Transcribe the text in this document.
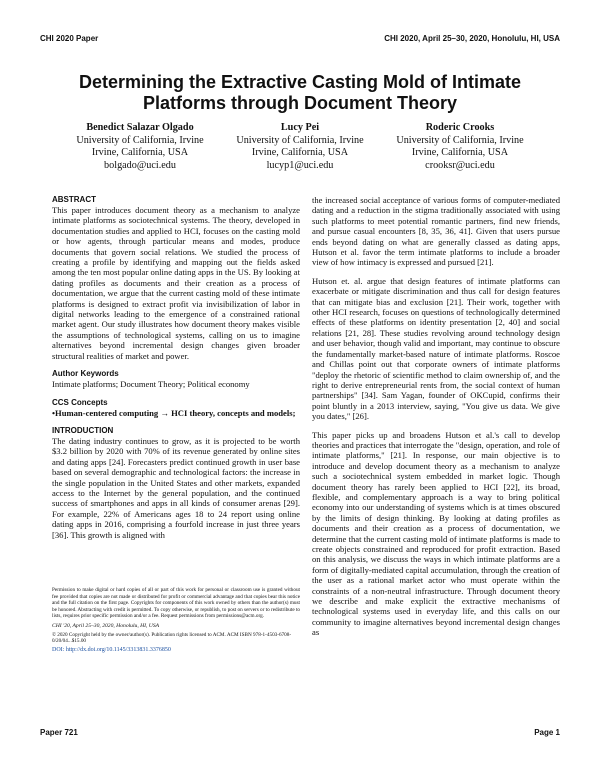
CHI 2020 Paper	CHI 2020, April 25–30, 2020, Honolulu, HI, USA
Determining the Extractive Casting Mold of Intimate Platforms through Document Theory
Benedict Salazar Olgado
University of California, Irvine
Irvine, California, USA
bolgado@uci.edu
Lucy Pei
University of California, Irvine
Irvine, California, USA
lucyp1@uci.edu
Roderic Crooks
University of California, Irvine
Irvine, California, USA
crooksr@uci.edu
ABSTRACT

This paper introduces document theory as a mechanism to analyze intimate platforms as sociotechnical systems. The theory, developed in documentation studies and applied to HCI, focuses on the casting mold or how agents, through particular means and modes, produce documents that govern social relations. We studied the process of creating a profile by identifying and mapping out the fields asked among the ten most popular online dating apps in the US. By looking at dating profiles as documents and their creation as a process of documentation, we argue that the current casting mold of these intimate platforms is designed to extract profit via invisibilization of labor in digital networks leading to the emergence of a constrained rational market agent. Our study illustrates how document theory makes visible the assumptions of technological systems, calling on us to imagine alternatives beyond incremental design changes given broader structural realities of market and power.

Author Keywords

Intimate platforms; Document Theory; Political economy

CCS Concepts

•Human-centered computing → HCI theory, concepts and models;

INTRODUCTION

The dating industry continues to grow, as it is projected to be worth $3.2 billion by 2020 with 70% of its revenue generated by online sites and dating apps [24]. Forecasters predict continued growth in user base based on several demographic and technological factors: the increase in the single population in the United States and other markets, expanded access to the Internet by the general population, and the continued success of smartphones and apps in all kinds of consumer arenas [29]. For example, 22% of Americans ages 18 to 24 report using online dating apps in 2016, comprising a fourfold increase in just three years [36]. This growth is aligned with

Permission to make digital or hard copies of all or part of this work for personal or classroom use is granted without fee provided that copies are not made or distributed for profit or commercial advantage and that copies bear this notice and the full citation on the first page. Copyrights for components of this work owned by others than the author(s) must be honored. Abstracting with credit is permitted. To copy otherwise, or republish, to post on servers or to redistribute to lists, requires prior specific permission and/or a fee. Request permissions from permissions@acm.org.

CHI '20, April 25–30, 2020, Honolulu, HI, USA

© 2020 Copyright held by the owner/author(s). Publication rights licensed to ACM. ACM ISBN 978-1-4503-6708-0/20/04...$15.00

DOI: http://dx.doi.org/10.1145/3313831.3376850

the increased social acceptance of various forms of computer-mediated dating and a reduction in the stigma traditionally associated with using such platforms to meet potential romantic partners, find new friends, and pursue casual encounters [8, 35, 36, 41]. Given that users pursue ends beyond dating on what are generally classed as dating apps, Hutson et al. favor the term intimate platforms to include a broader view of how intimacy is expressed and pursued [21].

Hutson et. al. argue that design features of intimate platforms can exacerbate or mitigate discrimination and thus call for design features that can mitigate bias and exclusion [21]. Their work, together with other HCI research, focuses on questions of technologically determined effects of these platforms on identity presentation [2, 40] and social relations [21, 28]. These studies revolving around technology design and user behavior, though valid and important, may continue to obscure the fundamentally market-based nature of intimate platforms. Roscoe and Chillas point out that corporate owners of intimate platforms "deploy the rhetoric of scientific method to claim ownership of, and the right to derive entrepreneurial rents from, the social context of human partnerships" [34]. Sam Yagan, founder of OKCupid, confirms their point bluntly in a 2013 interview, saying, "You give us data. We give you dates," [26].

This paper picks up and broadens Hutson et al.'s call to develop theories and practices that interrogate the "design, operation, and role of intimate platforms," [21]. In response, our main objective is to introduce and develop document theory as a mechanism to analyze such a sociotechnical system embedded in market logic. Though document theory has rarely been applied to HCI [22], its broad, flexible, and complementary approach is a way to bring political economy into our understanding of systems which is at times obscured by the limits of design thinking. By looking at dating profiles as documents and their creation as a process of documentation, we determine that the current casting mold of intimate platforms is made to create objects constrained and reproduced for profit extraction. Based on this analysis, we discuss the ways in which intimate platforms are a form of digitally-mediated capital accumulation, through the creation of the user as a rational market actor who must operate within the constraints of a non-neutral infrastructure. Through document theory we describe and make explicit the extractive mechanisms of technological systems used in everyday life, and this calls on our community to imagine alternatives beyond incremental design changes as

Paper 721	Page 1
